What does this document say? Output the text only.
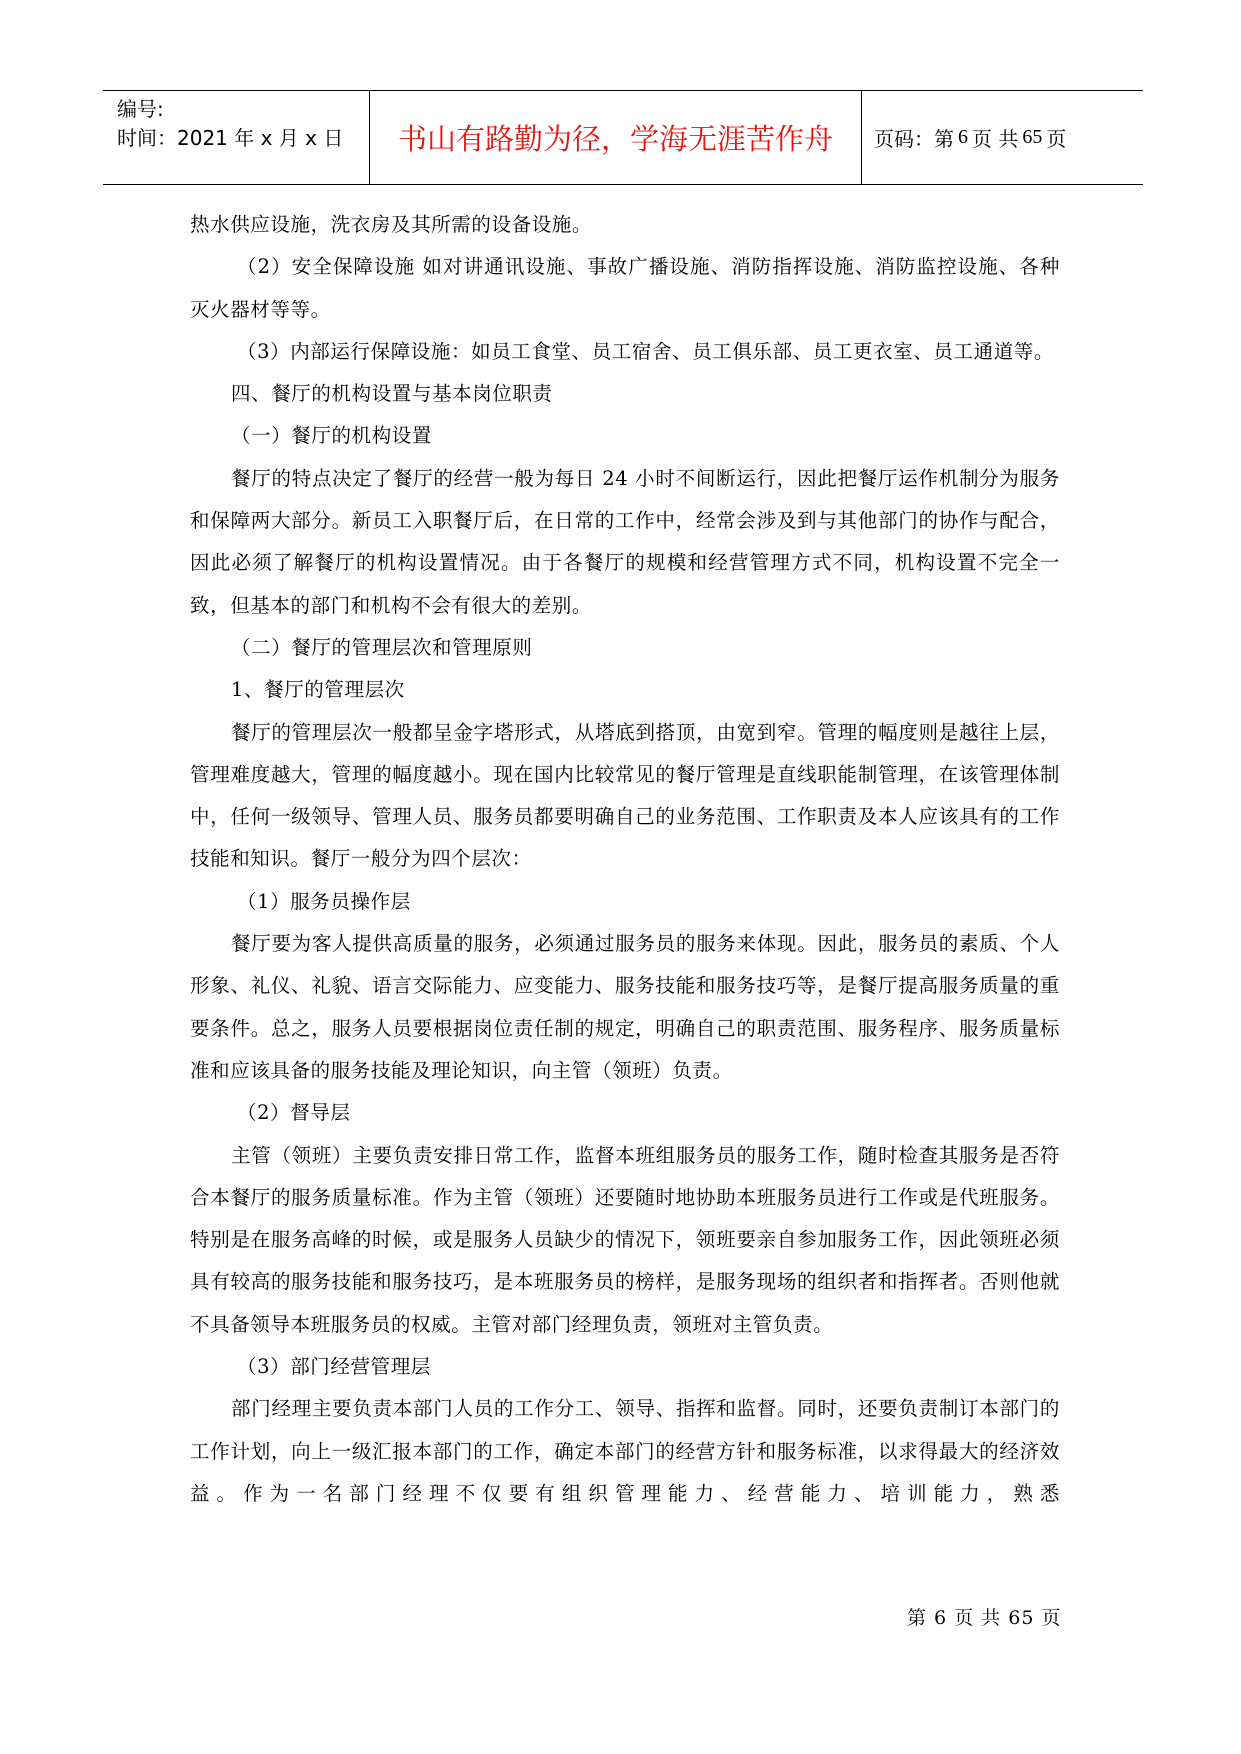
编号:
时间：2021 年 x 月 x 日	书山有路勤为径，学海无涯苦作舟	页码：第 6 页 共 65 页

热水供应设施，洗衣房及其所需的设备设施。

（2）安全保障设施 如对讲通讯设施、事故广播设施、消防指挥设施、消防监控设施、各种灭火器材等等。

（3）内部运行保障设施：如员工食堂、员工宿舍、员工俱乐部、员工更衣室、员工通道等。

四、餐厅的机构设置与基本岗位职责

（一）餐厅的机构设置

餐厅的特点决定了餐厅的经营一般为每日 24 小时不间断运行，因此把餐厅运作机制分为服务和保障两大部分。新员工入职餐厅后，在日常的工作中，经常会涉及到与其他部门的协作与配合，因此必须了解餐厅的机构设置情况。由于各餐厅的规模和经营管理方式不同，机构设置不完全一致，但基本的部门和机构不会有很大的差别。

（二）餐厅的管理层次和管理原则

1、餐厅的管理层次

餐厅的管理层次一般都呈金字塔形式，从塔底到搭顶，由宽到窄。管理的幅度则是越往上层，管理难度越大，管理的幅度越小。现在国内比较常见的餐厅管理是直线职能制管理，在该管理体制中，任何一级领导、管理人员、服务员都要明确自己的业务范围、工作职责及本人应该具有的工作技能和知识。餐厅一般分为四个层次：

（1）服务员操作层

餐厅要为客人提供高质量的服务，必须通过服务员的服务来体现。因此，服务员的素质、个人形象、礼仪、礼貌、语言交际能力、应变能力、服务技能和服务技巧等，是餐厅提高服务质量的重要条件。总之，服务人员要根据岗位责任制的规定，明确自己的职责范围、服务程序、服务质量标准和应该具备的服务技能及理论知识，向主管（领班）负责。

（2）督导层

主管（领班）主要负责安排日常工作，监督本班组服务员的服务工作，随时检查其服务是否符合本餐厅的服务质量标准。作为主管（领班）还要随时地协助本班服务员进行工作或是代班服务。特别是在服务高峰的时候，或是服务人员缺少的情况下，领班要亲自参加服务工作，因此领班必须具有较高的服务技能和服务技巧，是本班服务员的榜样，是服务现场的组织者和指挥者。否则他就不具备领导本班服务员的权威。主管对部门经理负责，领班对主管负责。

（3）部门经营管理层

部门经理主要负责本部门人员的工作分工、领导、指挥和监督。同时，还要负责制订本部门的工作计划，向上一级汇报本部门的工作，确定本部门的经营方针和服务标准，以求得最大的经济效益。作为一名部门经理不仅要有组织管理能力、经营能力、培训能力，熟悉

第 6 页 共 65 页
